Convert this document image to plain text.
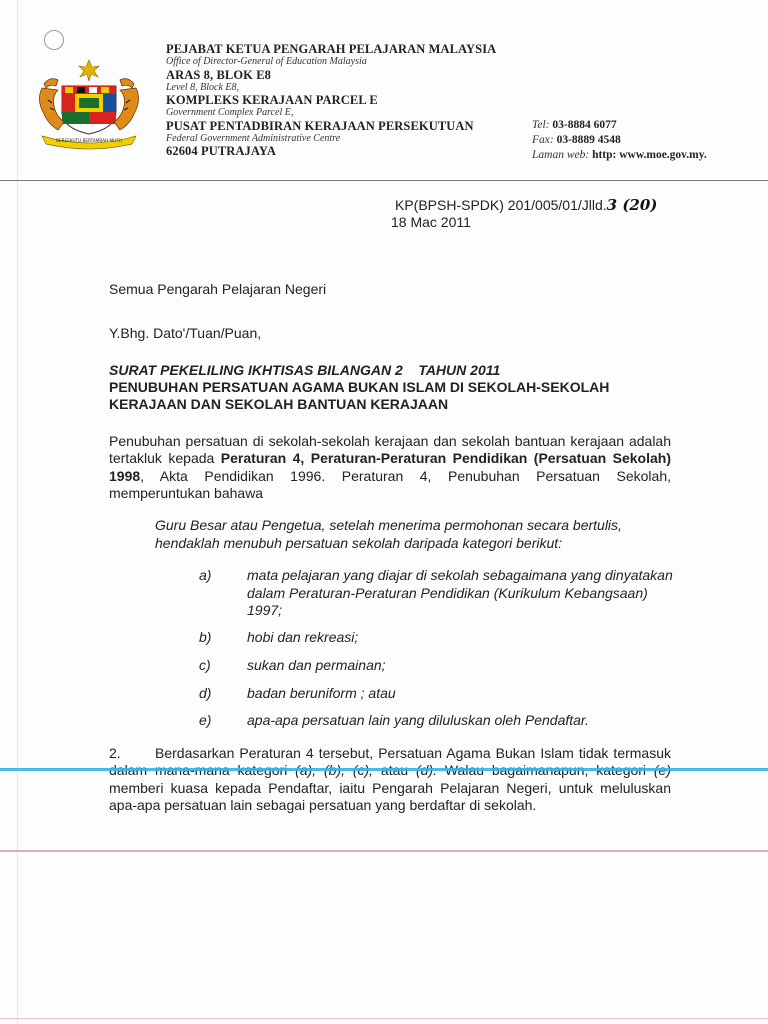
BERSEKUTU BERTAMBAH MUTU
PEJABAT KETUA PENGARAH PELAJARAN MALAYSIA
Office of Director-General of Education Malaysia
ARAS 8, BLOK E8
Level 8, Block E8,
KOMPLEKS KERAJAAN PARCEL E
Government Complex Parcel E,
PUSAT PENTADBIRAN KERAJAAN PERSEKUTUAN
Federal Government Administrative Centre
62604 PUTRAJAYA
Tel: 03-8884 6077
Fax: 03-8889 4548
Laman web: http: www.moe.gov.my.
KP(BPSH-SPDK) 201/005/01/Jlld.3 (20)
18 Mac 2011
Semua Pengarah Pelajaran Negeri
Y.Bhg. Dato'/Tuan/Puan,
SURAT PEKELILING IKHTISAS BILANGAN 2    TAHUN 2011
PENUBUHAN PERSATUAN AGAMA BUKAN ISLAM DI SEKOLAH-SEKOLAH KERAJAAN DAN SEKOLAH BANTUAN KERAJAAN
Penubuhan persatuan di sekolah-sekolah kerajaan dan sekolah bantuan kerajaan adalah tertakluk kepada Peraturan 4, Peraturan-Peraturan Pendidikan (Persatuan Sekolah) 1998, Akta Pendidikan 1996. Peraturan 4, Penubuhan Persatuan Sekolah, memperuntukan bahawa
Guru Besar atau Pengetua, setelah menerima permohonan secara bertulis, hendaklah menubuh persatuan sekolah daripada kategori berikut:
a)	mata pelajaran yang diajar di sekolah sebagaimana yang dinyatakan dalam Peraturan-Peraturan Pendidikan (Kurikulum Kebangsaan) 1997;
b)	hobi dan rekreasi;
c)	sukan dan permainan;
d)	badan beruniform ; atau
e)	apa-apa persatuan lain yang diluluskan oleh Pendaftar.
2. Berdasarkan Peraturan 4 tersebut, Persatuan Agama Bukan Islam tidak termasuk memberi kuasa kepada Pendaftar, iaitu Pengarah Pelajaran Negeri, untuk meluluskan apa-apa persatuan lain sebagai persatuan yang berdaftar di sekolah.
